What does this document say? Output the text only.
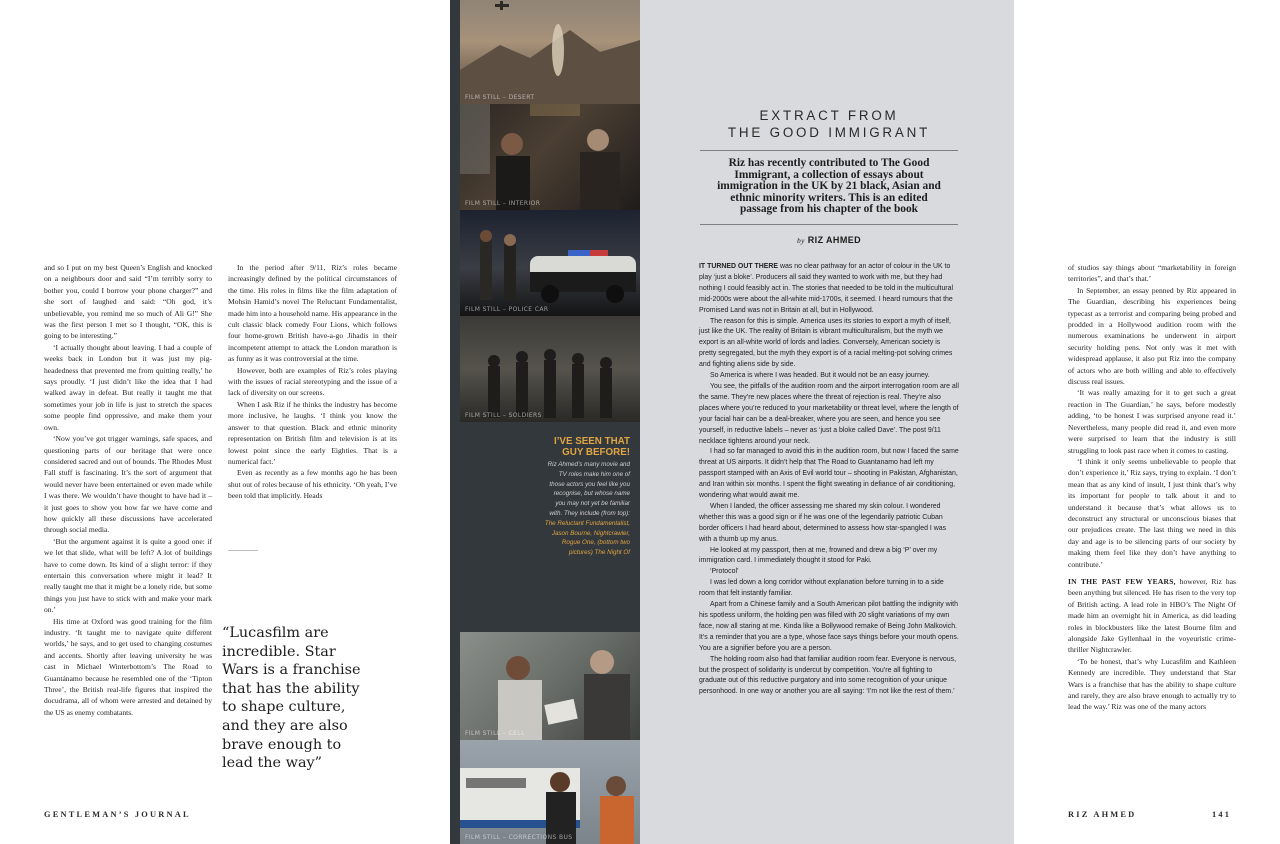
and so I put on my best Queen’s English and knocked on a neighbours door and said “I’m terribly sorry to bother you, could I borrow your phone charger?” and she sort of laughed and said: “Oh god, it’s unbelievable, you remind me so much of Ali G!” She was the first person I met so I thought, “OK, this is going to be interesting.”

‘I actually thought about leaving. I had a couple of weeks back in London but it was just my pig-headedness that prevented me from quitting really,’ he says proudly. ‘I just didn’t like the idea that I had walked away in defeat. But really it taught me that sometimes your job in life is just to stretch the spaces some people find oppressive, and make them your own.

‘Now you’ve got trigger warnings, safe spaces, and questioning parts of our heritage that were once considered sacred and out of bounds. The Rhodes Must Fall stuff is fascinating. It’s the sort of argument that would never have been entertained or even made while I was there. We wouldn’t have thought to have had it – it just goes to show you how far we have come and how quickly all these discussions have accelerated through social media.

‘But the argument against it is quite a good one: if we let that slide, what will be left? A lot of buildings have to come down. Its kind of a slight terror: if they entertain this conversation where might it lead? It really taught me that it might be a lonely ride, but some things you just have to stick with and make your mark on.’

His time at Oxford was good training for the film industry. ‘It taught me to navigate quite different worlds,’ he says, and to get used to changing costumes and accents. Shortly after leaving university he was cast in Michael Winterbottom’s The Road to Guantánamo because he resembled one of the ‘Tipton Three’, the British real-life figures that inspired the docudrama, all of whom were arrested and detained by the US as enemy combatants.

In the period after 9/11, Riz’s roles became increasingly defined by the political circumstances of the time. His roles in films like the film adaptation of Mohsin Hamid’s novel The Reluctant Fundamentalist, made him into a household name. His appearance in the cult classic black comedy Four Lions, which follows four home-grown British have-a-go Jihadis in their incompetent attempt to attack the London marathon is as funny as it was controversial at the time.

However, both are examples of Riz’s roles playing with the issues of racial stereotyping and the issue of a lack of diversity on our screens.

When I ask Riz if he thinks the industry has become more inclusive, he laughs. ‘I think you know the answer to that question. Black and ethnic minority representation on British film and television is at its lowest point since the early Eighties. That is a numerical fact.’

Even as recently as a few months ago he has been shut out of roles because of his ethnicity. ‘Oh yeah, I’ve been told that implicitly. Heads

“Lucasfilm are
incredible. Star
Wars is a franchise
that has the ability
to shape culture,
and they are also
brave enough to
lead the way”
FILM STILL – DESERT
FILM STILL – INTERIOR
FILM STILL – POLICE CAR
FILM STILL – SOLDIERS
I’VE SEEN THAT
GUY BEFORE!
Riz Ahmed’s many movie and
TV roles make him one of
those actors you feel like you
recognise, but whose name
you may not yet be familiar
with. They include (from top):
The Reluctant Fundamentalist,
Jason Bourne, Nightcrawler,
Rogue One, (bottom two
pictures) The Night Of
FILM STILL – CELL
FILM STILL – CORRECTIONS BUS
EXTRACT FROM
THE GOOD IMMIGRANT
Riz has recently contributed to The Good
Immigrant, a collection of essays about
immigration in the UK by 21 black, Asian and
ethnic minority writers. This is an edited
passage from his chapter of the book
by RIZ AHMED

IT TURNED OUT THERE was no clear pathway for an actor of colour in the UK to play ‘just a bloke’. Producers all said they wanted to work with me, but they had nothing I could feasibly act in. The stories that needed to be told in the multicultural mid-2000s were about the all-white mid-1700s, it seemed. I heard rumours that the Promised Land was not in Britain at all, but in Hollywood.

The reason for this is simple. America uses its stories to export a myth of itself, just like the UK. The reality of Britain is vibrant multiculturalism, but the myth we export is an all-white world of lords and ladies. Conversely, American society is pretty segregated, but the myth they export is of a racial melting-pot solving crimes and fighting aliens side by side.

So America is where I was headed. But it would not be an easy journey.

You see, the pitfalls of the audition room and the airport interrogation room are all the same. They’re new places where the threat of rejection is real. They’re also places where you’re reduced to your marketability or threat level, where the length of your facial hair can be a deal-breaker, where you are seen, and hence you see yourself, in reductive labels – never as ‘just a bloke called Dave’. The post 9/11 necklace tightens around your neck.

I had so far managed to avoid this in the audition room, but now I faced the same threat at US airports. It didn’t help that The Road to Guantanamo had left my passport stamped with an Axis of Evil world tour – shooting in Pakistan, Afghanistan, and Iran within six months. I spent the flight sweating in defiance of air conditioning, wondering what would await me.

When I landed, the officer assessing me shared my skin colour. I wondered whether this was a good sign or if he was one of the legendarily patriotic Cuban border officers I had heard about, determined to assess how star-spangled I was with a thumb up my anus.

He looked at my passport, then at me, frowned and drew a big ‘P’ over my immigration card. I immediately thought it stood for Paki.

‘Protocol’

I was led down a long corridor without explanation before turning in to a side room that felt instantly familiar.

Apart from a Chinese family and a South American pilot battling the indignity with his spotless uniform, the holding pen was filled with 20 slight variations of my own face, now all staring at me. Kinda like a Bollywood remake of Being John Malkovich. It’s a reminder that you are a type, whose face says things before your mouth opens. You are a signifier before you are a person.

The holding room also had that familiar audition room fear. Everyone is nervous, but the prospect of solidarity is undercut by competition. You’re all fighting to graduate out of this reductive purgatory and into some recognition of your unique personhood. In one way or another you are all saying: ‘I’m not like the rest of them.’

of studios say things about “marketability in foreign territories”, and that’s that.’

In September, an essay penned by Riz appeared in The Guardian, describing his experiences being typecast as a terrorist and comparing being probed and prodded in a Hollywood audition room with the numerous examinations he underwent in airport security holding pens. Not only was it met with widespread applause, it also put Riz into the company of actors who are both willing and able to effectively discuss real issues.

‘It was really amazing for it to get such a great reaction in The Guardian,’ he says, before modestly adding, ‘to be honest I was surprised anyone read it.’ Nevertheless, many people did read it, and even more were surprised to learn that the industry is still struggling to look past race when it comes to casting.

‘I think it only seems unbelievable to people that don’t experience it,’ Riz says, trying to explain. ‘I don’t mean that as any kind of insult, I just think that’s why its important for people to talk about it and to understand it because that’s what allows us to deconstruct any structural or unconscious biases that our prejudices create. The last thing we need in this day and age is to be silencing parts of our society by making them feel like they don’t have anything to contribute.’

IN THE PAST FEW YEARS, however, Riz has been anything but silenced. He has risen to the very top of British acting. A lead role in HBO’s The Night Of made him an overnight hit in America, as did leading roles in blockbusters like the latest Bourne film and alongside Jake Gyllenhaal in the voyeuristic crime-thriller Nightcrawler.

‘To be honest, that’s why Lucasfilm and Kathleen Kennedy are incredible. They understand that Star Wars is a franchise that has the ability to shape culture and rarely, they are also brave enough to actually try to lead the way.’ Riz was one of the many actors

GENTLEMAN’S JOURNAL	RIZ AHMED	141
